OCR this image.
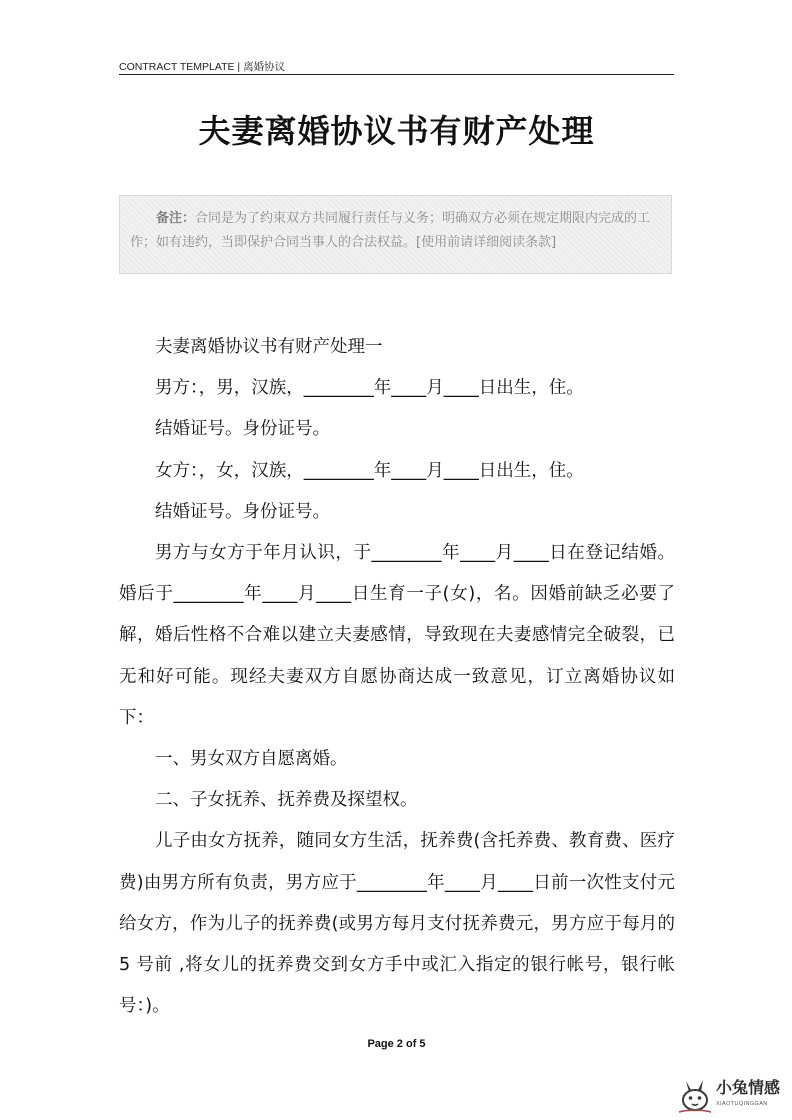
CONTRACT TEMPLATE | 离婚协议
夫妻离婚协议书有财产处理
备注：合同是为了约束双方共同履行责任与义务；明确双方必须在规定期限内完成的工作；如有违约，当即保护合同当事人的合法权益。[使用前请详细阅读条款]

夫妻离婚协议书有财产处理一

男方：，男，汉族，________年____月____日出生，住。

结婚证号。身份证号。

女方：，女，汉族，________年____月____日出生，住。

结婚证号。身份证号。

男方与女方于年月认识，于________年____月____日在登记结婚。婚后于________年____月____日生育一子(女)，名。因婚前缺乏必要了解，婚后性格不合难以建立夫妻感情，导致现在夫妻感情完全破裂，已无和好可能。现经夫妻双方自愿协商达成一致意见，订立离婚协议如下：

一、男女双方自愿离婚。

二、子女抚养、抚养费及探望权。

儿子由女方抚养，随同女方生活，抚养费(含托养费、教育费、医疗费)由男方所有负责，男方应于________年____月____日前一次性支付元给女方，作为儿子的抚养费(或男方每月支付抚养费元，男方应于每月的 5 号前 ,将女儿的抚养费交到女方手中或汇入指定的银行帐号，银行帐号：)。

Page 2 of 5
小兔情感
XIAOTUQINGGAN
